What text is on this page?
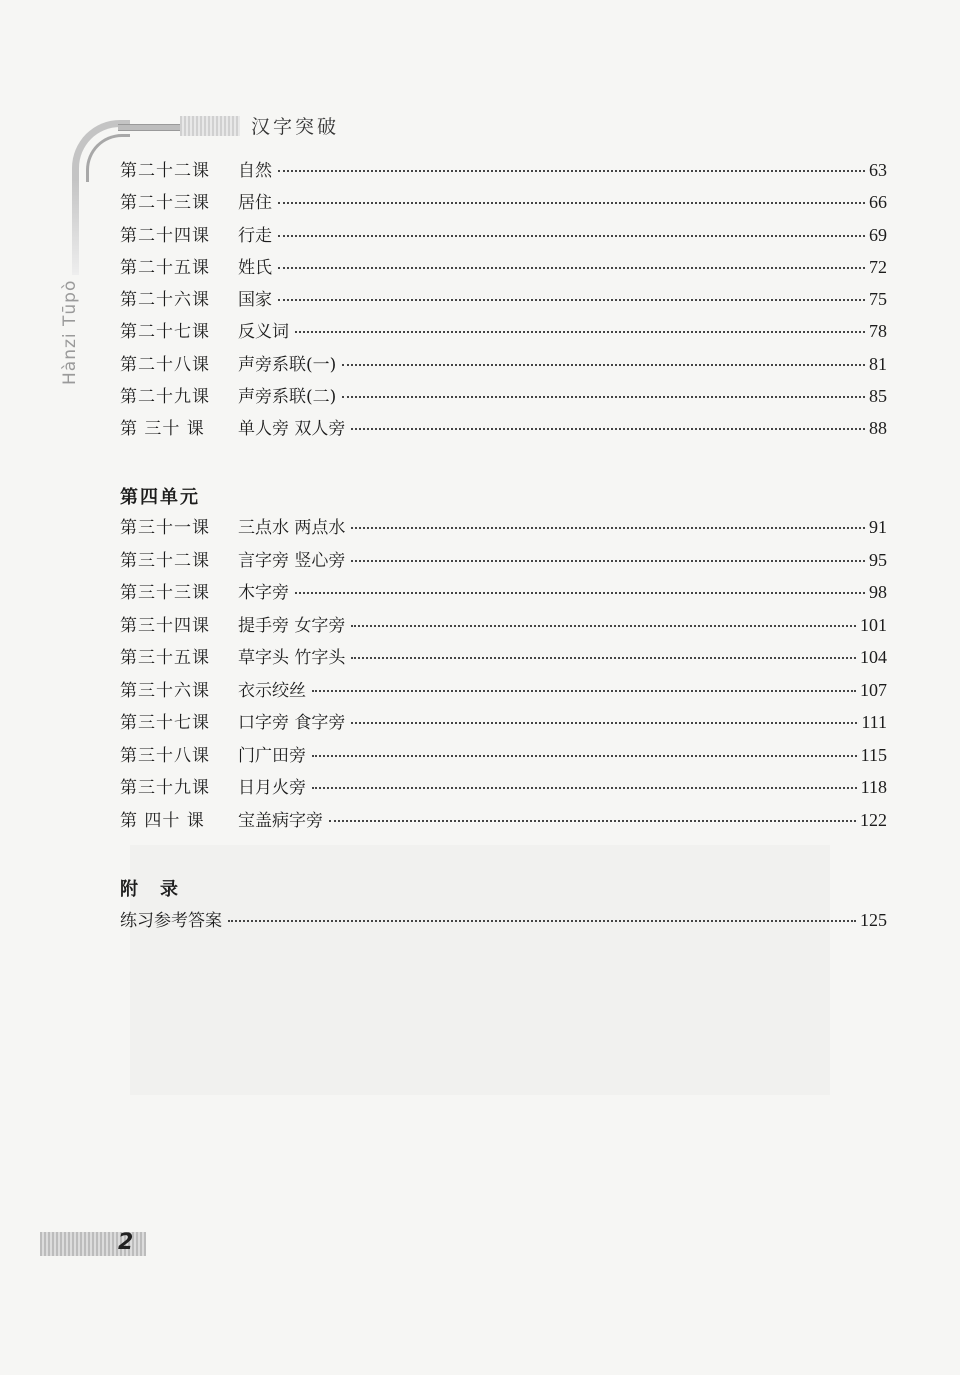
汉字突破
Hànzi Tūpò
第二十二课	自然	63
第二十三课	居住	66
第二十四课	行走	69
第二十五课	姓氏	72
第二十六课	国家	75
第二十七课	反义词	78
第二十八课	声旁系联(一)	81
第二十九课	声旁系联(二)	85
第 三十 课	单人旁 双人旁	88
第四单元
第三十一课	三点水 两点水	91
第三十二课	言字旁 竖心旁	95
第三十三课	木字旁	98
第三十四课	提手旁 女字旁	101
第三十五课	草字头 竹字头	104
第三十六课	衣示绞丝	107
第三十七课	口字旁 食字旁	111
第三十八课	门广田旁	115
第三十九课	日月火旁	118
第 四十 课	宝盖病字旁	122
附　录
练习参考答案	125
2
